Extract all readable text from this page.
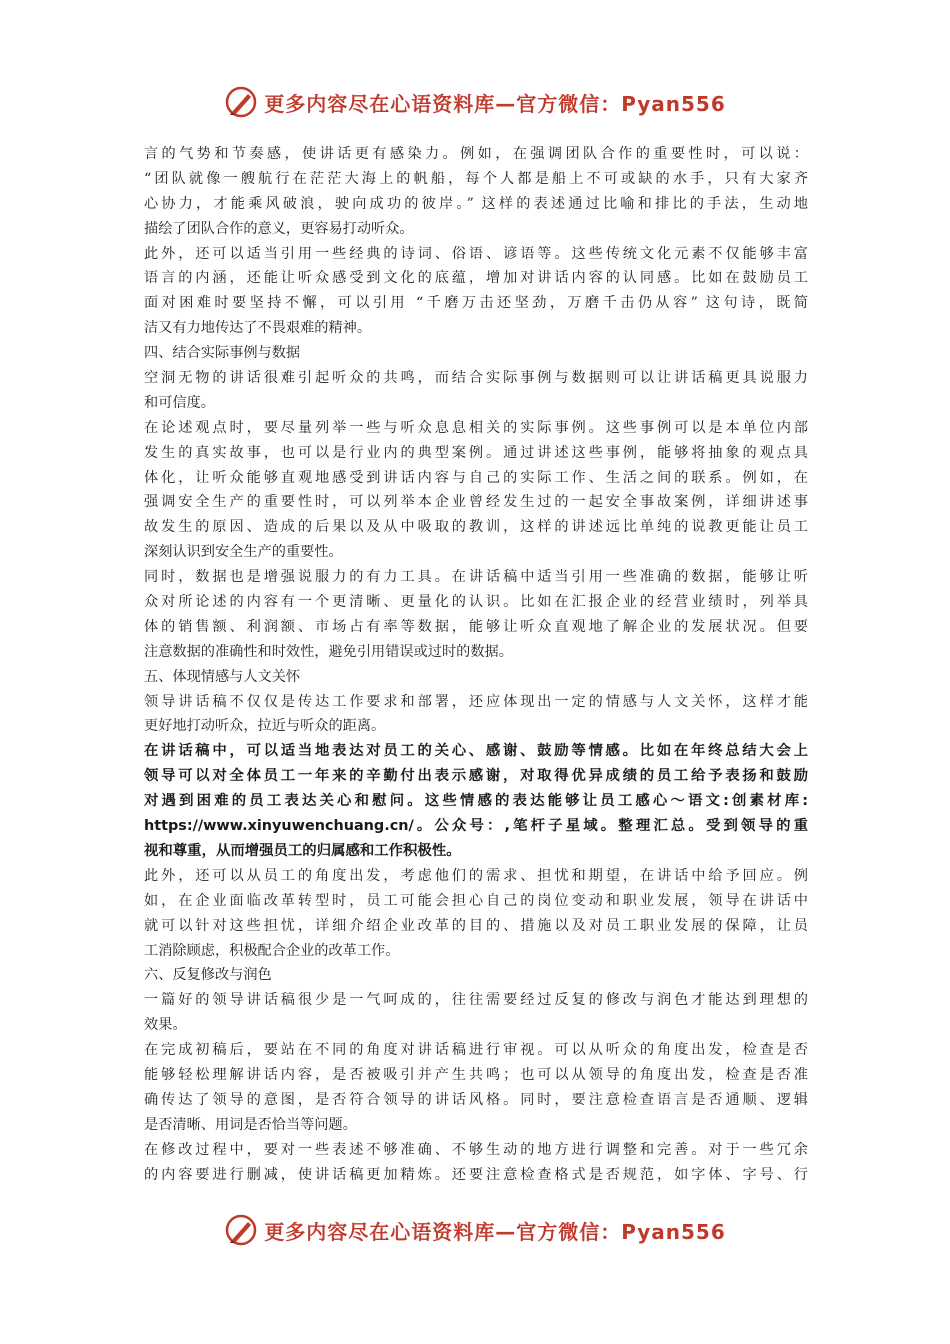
更多内容尽在心语资料库—官方微信：Pyan556
言的气势和节奏感，使讲话更有感染力。例如，在强调团队合作的重要性时，可以说：
“团队就像一艘航行在茫茫大海上的帆船，每个人都是船上不可或缺的水手，只有大家齐
心协力，才能乘风破浪，驶向成功的彼岸。” 这样的表述通过比喻和排比的手法，生动地
描绘了团队合作的意义，更容易打动听众。
此外，还可以适当引用一些经典的诗词、俗语、谚语等。这些传统文化元素不仅能够丰富
语言的内涵，还能让听众感受到文化的底蕴，增加对讲话内容的认同感。比如在鼓励员工
面对困难时要坚持不懈，可以引用 “千磨万击还坚劲，万磨千击仍从容” 这句诗，既简
洁又有力地传达了不畏艰难的精神。
四、结合实际事例与数据
空洞无物的讲话很难引起听众的共鸣，而结合实际事例与数据则可以让讲话稿更具说服力
和可信度。
在论述观点时，要尽量列举一些与听众息息相关的实际事例。这些事例可以是本单位内部
发生的真实故事，也可以是行业内的典型案例。通过讲述这些事例，能够将抽象的观点具
体化，让听众能够直观地感受到讲话内容与自己的实际工作、生活之间的联系。例如，在
强调安全生产的重要性时，可以列举本企业曾经发生过的一起安全事故案例，详细讲述事
故发生的原因、造成的后果以及从中吸取的教训，这样的讲述远比单纯的说教更能让员工
深刻认识到安全生产的重要性。
同时，数据也是增强说服力的有力工具。在讲话稿中适当引用一些准确的数据，能够让听
众对所论述的内容有一个更清晰、更量化的认识。比如在汇报企业的经营业绩时，列举具
体的销售额、利润额、市场占有率等数据，能够让听众直观地了解企业的发展状况。但要
注意数据的准确性和时效性，避免引用错误或过时的数据。
五、体现情感与人文关怀
领导讲话稿不仅仅是传达工作要求和部署，还应体现出一定的情感与人文关怀，这样才能
更好地打动听众，拉近与听众的距离。
在讲话稿中，可以适当地表达对员工的关心、感谢、鼓励等情感。比如在年终总结大会上
领导可以对全体员工一年来的辛勤付出表示感谢，对取得优异成绩的员工给予表扬和鼓励
对遇到困难的员工表达关心和慰问。这些情感的表达能够让员工感心～语文:创素材库:
https://www.xinyuwenchuang.cn/。公众号：,笔杆子星域。整理汇总。受到领导的重
视和尊重，从而增强员工的归属感和工作积极性。
此外，还可以从员工的角度出发，考虑他们的需求、担忧和期望，在讲话中给予回应。例
如，在企业面临改革转型时，员工可能会担心自己的岗位变动和职业发展，领导在讲话中
就可以针对这些担忧，详细介绍企业改革的目的、措施以及对员工职业发展的保障，让员
工消除顾虑，积极配合企业的改革工作。
六、反复修改与润色
一篇好的领导讲话稿很少是一气呵成的，往往需要经过反复的修改与润色才能达到理想的
效果。
在完成初稿后，要站在不同的角度对讲话稿进行审视。可以从听众的角度出发，检查是否
能够轻松理解讲话内容，是否被吸引并产生共鸣；也可以从领导的角度出发，检查是否准
确传达了领导的意图，是否符合领导的讲话风格。同时，要注意检查语言是否通顺、逻辑
是否清晰、用词是否恰当等问题。
在修改过程中，要对一些表述不够准确、不够生动的地方进行调整和完善。对于一些冗余
的内容要进行删减，使讲话稿更加精炼。还要注意检查格式是否规范，如字体、字号、行
更多内容尽在心语资料库—官方微信：Pyan556
